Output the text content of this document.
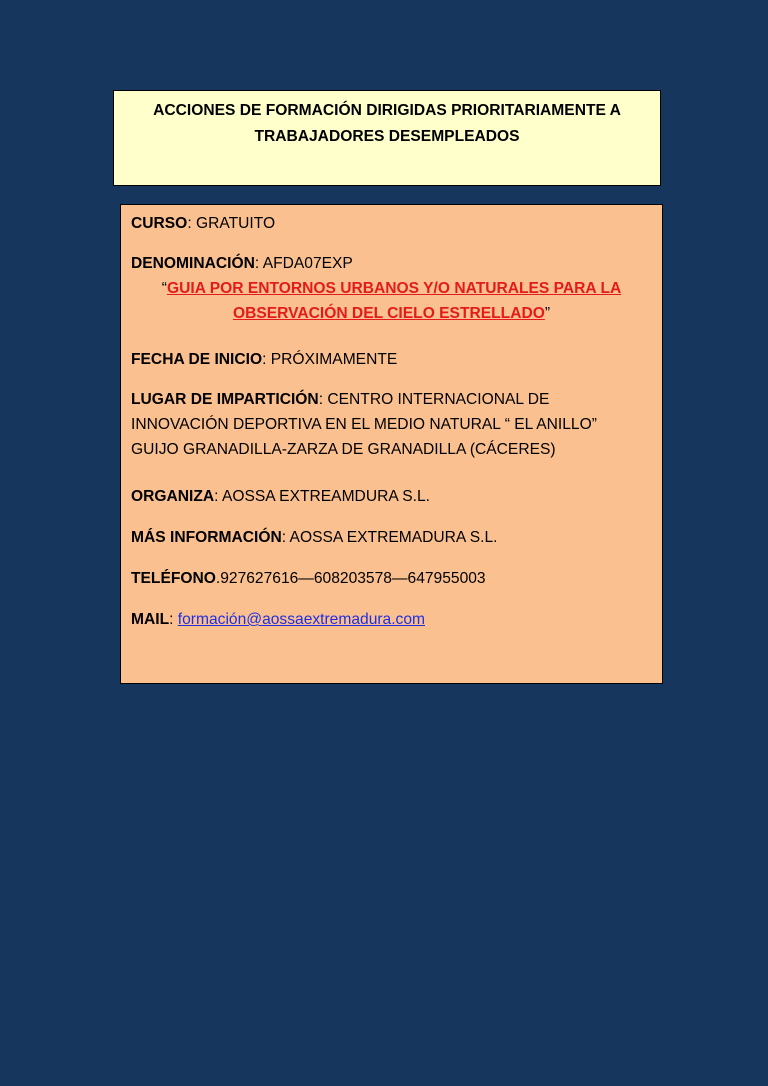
ACCIONES DE FORMACIÓN DIRIGIDAS PRIORITARIAMENTE A
TRABAJADORES DESEMPLEADOS
CURSO: GRATUITO
DENOMINACIÓN: AFDA07EXP
“GUIA POR ENTORNOS URBANOS Y/O NATURALES PARA LA
OBSERVACIÓN DEL CIELO ESTRELLADO”
FECHA DE INICIO: PRÓXIMAMENTE
LUGAR DE IMPARTICIÓN: CENTRO INTERNACIONAL DE
INNOVACIÓN DEPORTIVA EN EL MEDIO NATURAL “ EL ANILLO”
GUIJO GRANADILLA-ZARZA DE GRANADILLA (CÁCERES)
ORGANIZA: AOSSA EXTREAMDURA S.L.
MÁS INFORMACIÓN: AOSSA EXTREMADURA S.L.
TELÉFONO.927627616—608203578—647955003
MAIL: formación@aossaextremadura.com
